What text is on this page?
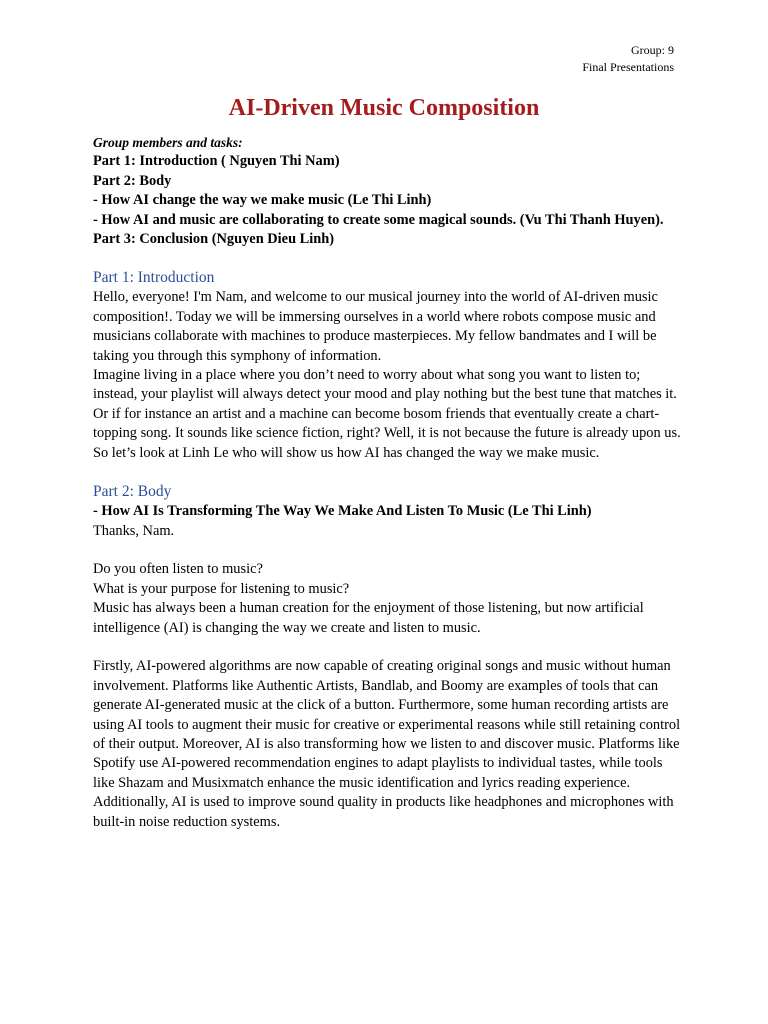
Group: 9
Final Presentations
AI-Driven Music Composition

Group members and tasks:

Part 1: Introduction ( Nguyen Thi Nam)

Part 2: Body

- How AI change the way we make music (Le Thi Linh)

- How AI and music are collaborating to create some magical sounds. (Vu Thi Thanh Huyen).

Part 3: Conclusion (Nguyen Dieu Linh)

Part 1: Introduction

Hello, everyone! I'm Nam, and welcome to our musical journey into the world of AI-driven music composition!. Today we will be immersing ourselves in a world where robots compose music and musicians collaborate with machines to produce masterpieces. My fellow bandmates and I will be taking you through this symphony of information.

Imagine living in a place where you don’t need to worry about what song you want to listen to; instead, your playlist will always detect your mood and play nothing but the best tune that matches it. Or if for instance an artist and a machine can become bosom friends that eventually create a chart-topping song. It sounds like science fiction, right? Well, it is not because the future is already upon us. So let’s look at Linh Le who will show us how AI has changed the way we make music.

Part 2: Body

- How AI Is Transforming The Way We Make And Listen To Music (Le Thi Linh)

Thanks, Nam.

Do you often listen to music?

What is your purpose for listening to music?

Music has always been a human creation for the enjoyment of those listening, but now artificial intelligence (AI) is changing the way we create and listen to music.

Firstly, AI-powered algorithms are now capable of creating original songs and music without human involvement. Platforms like Authentic Artists, Bandlab, and Boomy are examples of tools that can generate AI-generated music at the click of a button. Furthermore, some human recording artists are using AI tools to augment their music for creative or experimental reasons while still retaining control of their output. Moreover, AI is also transforming how we listen to and discover music. Platforms like Spotify use AI-powered recommendation engines to adapt playlists to individual tastes, while tools like Shazam and Musixmatch enhance the music identification and lyrics reading experience. Additionally, AI is used to improve sound quality in products like headphones and microphones with built-in noise reduction systems.
